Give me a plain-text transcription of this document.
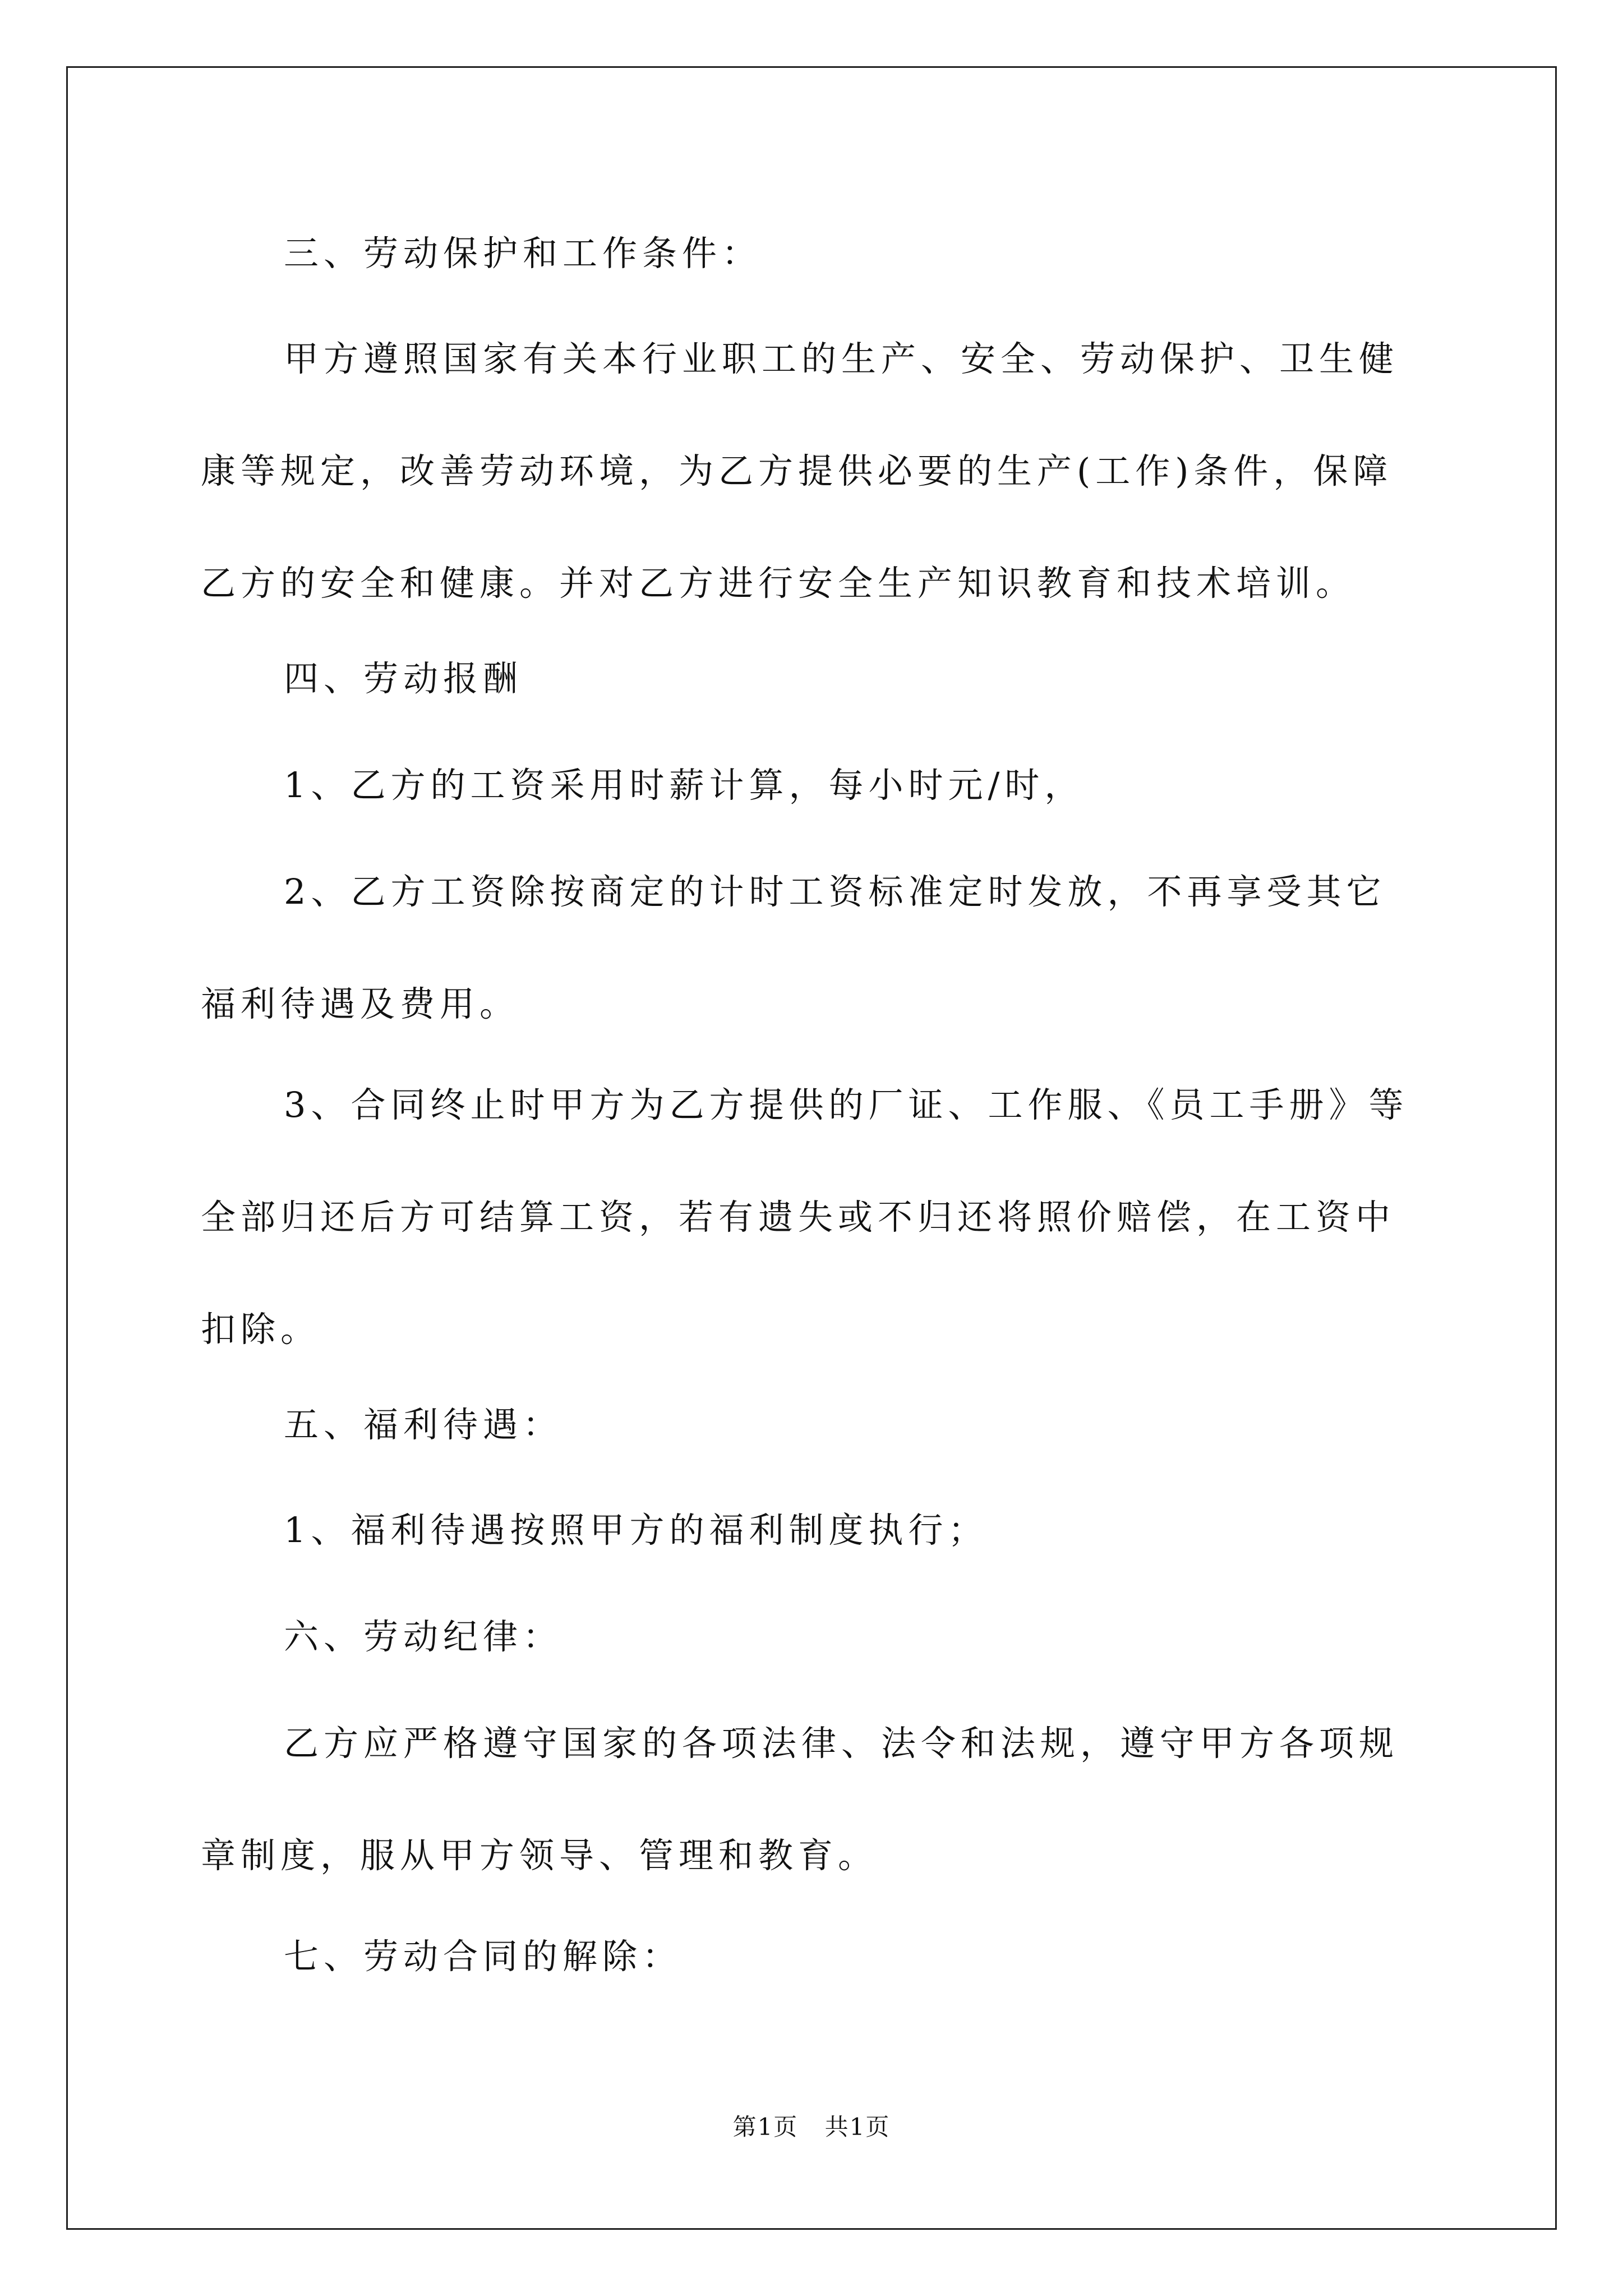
三、劳动保护和工作条件：

甲方遵照国家有关本行业职工的生产、安全、劳动保护、卫生健康等规定，改善劳动环境，为乙方提供必要的生产(工作)条件，保障乙方的安全和健康。并对乙方进行安全生产知识教育和技术培训。

四、劳动报酬

1、乙方的工资采用时薪计算，每小时元/时，

2、乙方工资除按商定的计时工资标准定时发放，不再享受其它福利待遇及费用。

3、合同终止时甲方为乙方提供的厂证、工作服、《员工手册》等全部归还后方可结算工资，若有遗失或不归还将照价赔偿，在工资中扣除。

五、福利待遇：

1、福利待遇按照甲方的福利制度执行；

六、劳动纪律：

乙方应严格遵守国家的各项法律、法令和法规，遵守甲方各项规章制度，服从甲方领导、管理和教育。

七、劳动合同的解除：

第1页 共1页
